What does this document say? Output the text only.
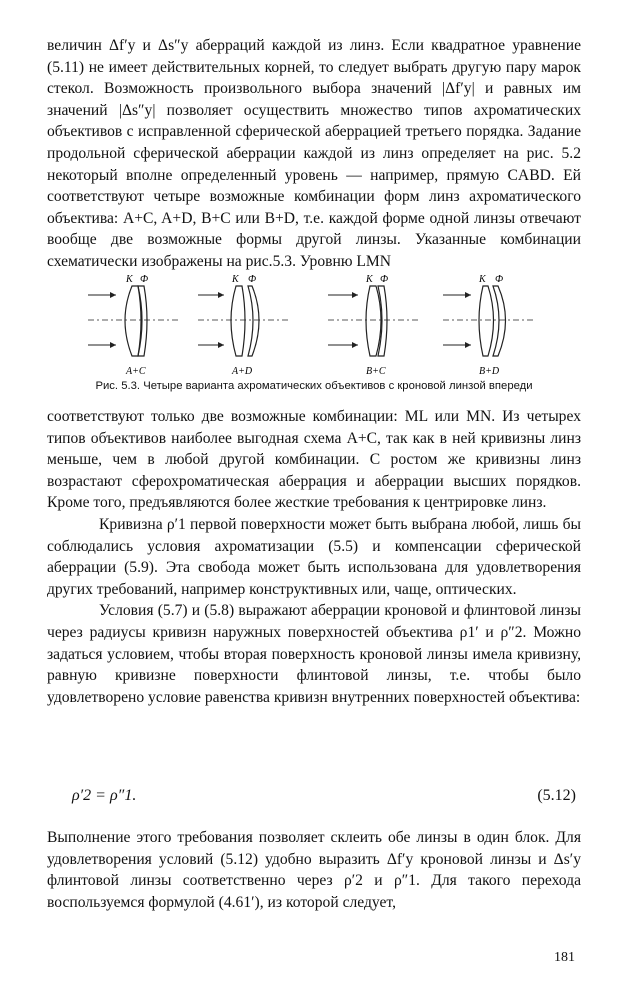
величин Δf′y и Δs″y аберраций каждой из линз. Если квадратное уравнение (5.11) не имеет действительных корней, то следует выбрать другую пару марок стекол. Возможность произвольного выбора значений |Δf′y| и равных им значений |Δs″y| позволяет осуществить множество типов ахроматических объективов с исправленной сферической аберрацией третьего порядка. Задание продольной сферической аберрации каждой из линз определяет на рис. 5.2 некоторый вполне определенный уровень — например, прямую CABD. Ей соответствуют четыре возможные комбинации форм линз ахроматического объектива: A+C, A+D, B+C или B+D, т.е. каждой форме одной линзы отвечают вообще две возможные формы другой линзы. Указанные комбинации схематически изображены на рис.5.3. Уровню LMN

К Ф
A+C
К Ф
A+D
К Ф
B+C
К Ф
B+D
Рис. 5.3. Четыре варианта ахроматических объективов с кроновой линзой впереди

соответствуют только две возможные комбинации: ML или MN. Из четырех типов объективов наиболее выгодная схема A+C, так как в ней кривизны линз меньше, чем в любой другой комбинации. С ростом же кривизны линз возрастают сферохроматическая аберрация и аберрации высших порядков. Кроме того, предъявляются более жесткие требования к центрировке линз.

Кривизна ρ′1 первой поверхности может быть выбрана любой, лишь бы соблюдались условия ахроматизации (5.5) и компенсации сферической аберрации (5.9). Эта свобода может быть использована для удовлетворения других требований, например конструктивных или, чаще, оптических.

Условия (5.7) и (5.8) выражают аберрации кроновой и флинтовой линзы через радиусы кривизн наружных поверхностей объектива ρ1′ и ρ″2. Можно задаться условием, чтобы вторая поверхность кроновой линзы имела кривизну, равную кривизне поверхности флинтовой линзы, т.е. чтобы было удовлетворено условие равенства кривизн внутренних поверхностей объектива:

ρ′2 = ρ″1.	(5.12)

Выполнение этого требования позволяет склеить обе линзы в один блок. Для удовлетворения условий (5.12) удобно выразить Δf′y кроновой линзы и Δs′y флинтовой линзы соответственно через ρ′2 и ρ″1. Для такого перехода воспользуемся формулой (4.61′), из которой следует,

181
